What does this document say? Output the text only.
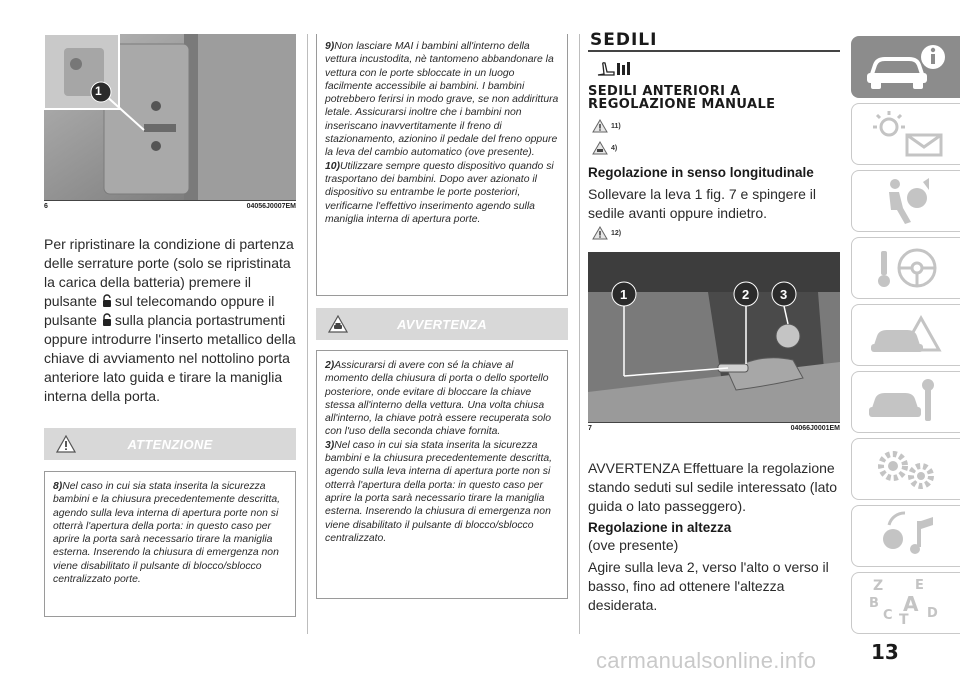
1
6	04056J0007EM
Per ripristinare la condizione di partenza delle serrature porte (solo se ripristinata la carica della batteria) premere il pulsante sul telecomando oppure il pulsante sulla plancia portastrumenti oppure introdurre l'inserto metallico della chiave di avviamento nel nottolino porta anteriore lato guida e tirare la maniglia interna della porta.
ATTENZIONE

8)Nel caso in cui sia stata inserita la sicurezza bambini e la chiusura precedentemente descritta, agendo sulla leva interna di apertura porte non si otterrà l'apertura della porta: in questo caso per aprire la porta sarà necessario tirare la maniglia esterna. Inserendo la chiusura di emergenza non viene disabilitato il pulsante di blocco/sblocco centralizzato porte.

9)Non lasciare MAI i bambini all'interno della vettura incustodita, nè tantomeno abbandonare la vettura con le porte sbloccate in un luogo facilmente accessibile ai bambini. I bambini potrebbero ferirsi in modo grave, se non addirittura letale. Assicurarsi inoltre che i bambini non inseriscano inavvertitamente il freno di stazionamento, azionino il pedale del freno oppure la leva del cambio automatico (ove presente).

10)Utilizzare sempre questo dispositivo quando si trasportano dei bambini. Dopo aver azionato il dispositivo su entrambe le porte posteriori, verificarne l'effettivo inserimento agendo sulla maniglia interna di apertura porte.

AVVERTENZA

2)Assicurarsi di avere con sé la chiave al momento della chiusura di porta o dello sportello posteriore, onde evitare di bloccare la chiave stessa all'interno della vettura. Una volta chiusa all'interno, la chiave potrà essere recuperata solo con l'uso della seconda chiave fornita.

3)Nel caso in cui sia stata inserita la sicurezza bambini e la chiusura precedentemente descritta, agendo sulla leva interna di apertura porte non si otterrà l'apertura della porta: in questo caso per aprire la porta sarà necessario tirare la maniglia esterna. Inserendo la chiusura di emergenza non viene disabilitato il pulsante di blocco/sblocco centralizzato.

SEDILI
SEDILI ANTERIORI A REGOLAZIONE MANUALE
11)
4)
Regolazione in senso longitudinale
Sollevare la leva 1 fig. 7 e spingere il sedile avanti oppure indietro.
12)
1	2 3
7	04066J0001EM
AVVERTENZA Effettuare la regolazione stando seduti sul sedile interessato (lato guida o lato passeggero).
Regolazione in altezza
(ove presente)
Agire sulla leva 2, verso l'alto o verso il basso, fino ad ottenere l'altezza desiderata.
Z E
B A
C	D
T
13
carmanualsonline.info
